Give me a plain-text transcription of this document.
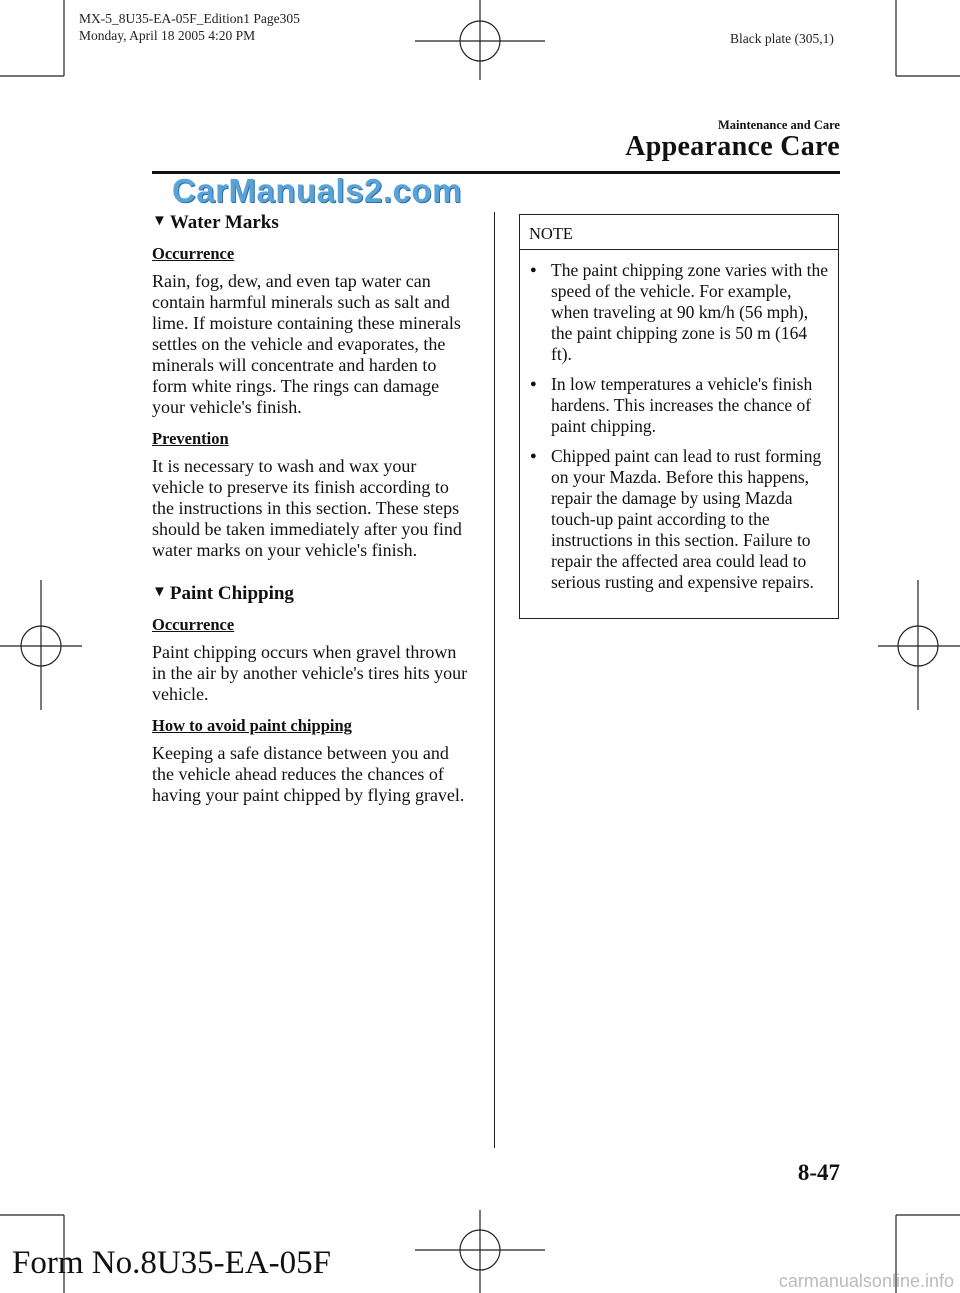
MX-5_8U35-EA-05F_Edition1 Page305
Monday, April 18 2005 4:20 PM	Black plate (305,1)
Maintenance and Care
Appearance Care
CarManuals2.com
▼ Water Marks
Occurrence

Rain, fog, dew, and even tap water can contain harmful minerals such as salt and lime. If moisture containing these minerals settles on the vehicle and evaporates, the minerals will concentrate and harden to form white rings. The rings can damage your vehicle's finish.

Prevention

It is necessary to wash and wax your vehicle to preserve its finish according to the instructions in this section. These steps should be taken immediately after you find water marks on your vehicle's finish.

▼ Paint Chipping
Occurrence

Paint chipping occurs when gravel thrown in the air by another vehicle's tires hits your vehicle.

How to avoid paint chipping

Keeping a safe distance between you and the vehicle ahead reduces the chances of having your paint chipped by flying gravel.

NOTE
● The paint chipping zone varies with the speed of the vehicle. For example, when traveling at 90 km/h (56 mph), the paint chipping zone is 50 m (164 ft).
● In low temperatures a vehicle's finish hardens. This increases the chance of paint chipping.
● Chipped paint can lead to rust forming on your Mazda. Before this happens, repair the damage by using Mazda touch-up paint according to the instructions in this section. Failure to repair the affected area could lead to serious rusting and expensive repairs.
8-47
Form No.8U35-EA-05F	carmanualsonline.info
